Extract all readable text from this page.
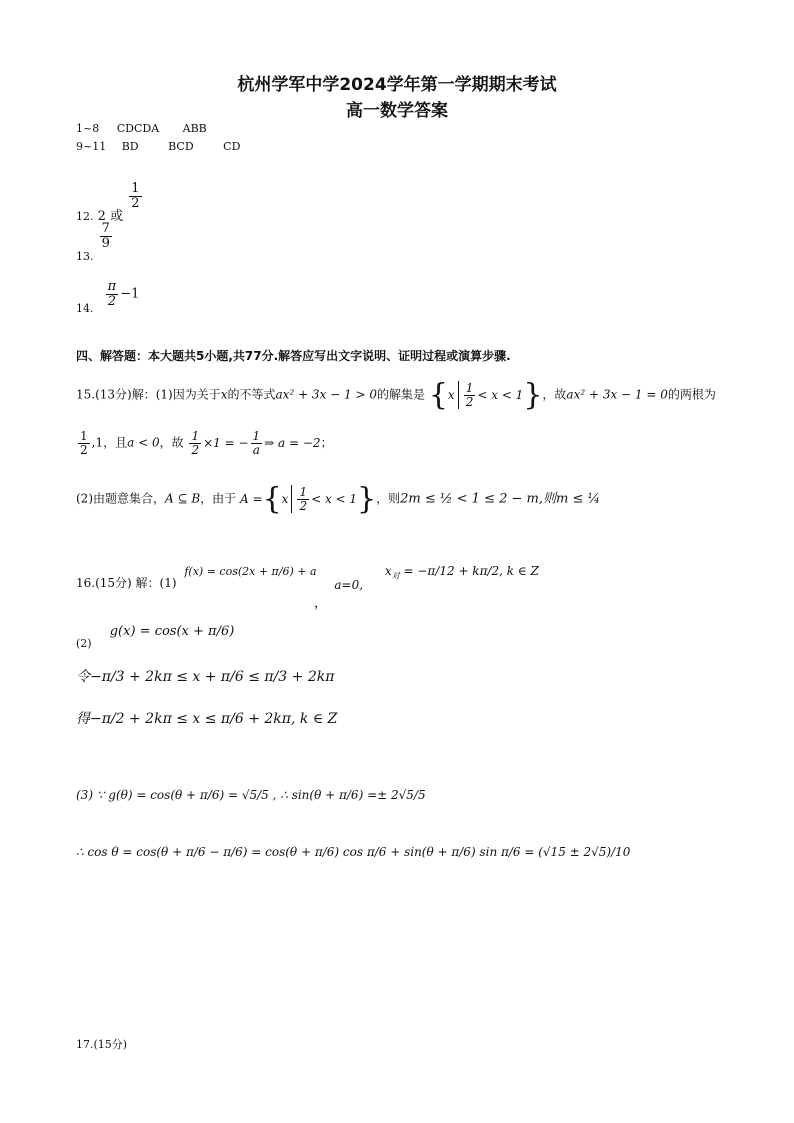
杭州学军中学2024学年第一学期期末考试
高一数学答案
1~8 CDCDA ABB
9~11 BD	BCD	CD
$_{12.}$ 2 或
$\frac{1}{2}$
$_{13.}$
$\frac{7}{9}$
$_{14.} \frac{\pi}{2} -1$
四、解答题：本大题共5小题,共77分.解答应写出文字说明、证明过程或演算步骤.
15.(13分)解：(1)因为关于x的不等式ax² + 3x − 1 > 0的解集是 $\{x \frac{1}{2} < x < 1\}$，故ax² + 3x − 1 = 0的两根为
$\frac{1}{2} ,1$，且a < 0，故 $\frac{1}{2} \times 1$ = − $\frac{1}{a}$ ⇒ a = −2；
(2)由题意集合，A ⊆ B，由于 $A =\{x \frac{1}{2} < x < 1\}$，则2m ≤ ½ < 1 ≤ 2 − m,则m ≤ ¼
16.(15分) 解：(1) f(x) = cos(2x + π/6) + a a=0, $x_对 = -\pi/12 + k\pi/2$, k ∈ Z
，
$_{(2)}$ g(x) = cos(x + π/6)
令−π/3 + 2kπ ≤ x + π/6 ≤ π/3 + 2kπ
得−π/2 + 2kπ ≤ x ≤ π/6 + 2kπ, k ∈ Z
(3) ∵ g(θ) = cos(θ + π/6) = √5/5 , ∴ sin(θ + π/6) =± 2√5/5
∴ cos θ = cos(θ + π/6 − π/6) = cos(θ + π/6) cos π/6 + sin(θ + π/6) sin π/6 = (√15 ± 2√5)/10
17.(15分)
